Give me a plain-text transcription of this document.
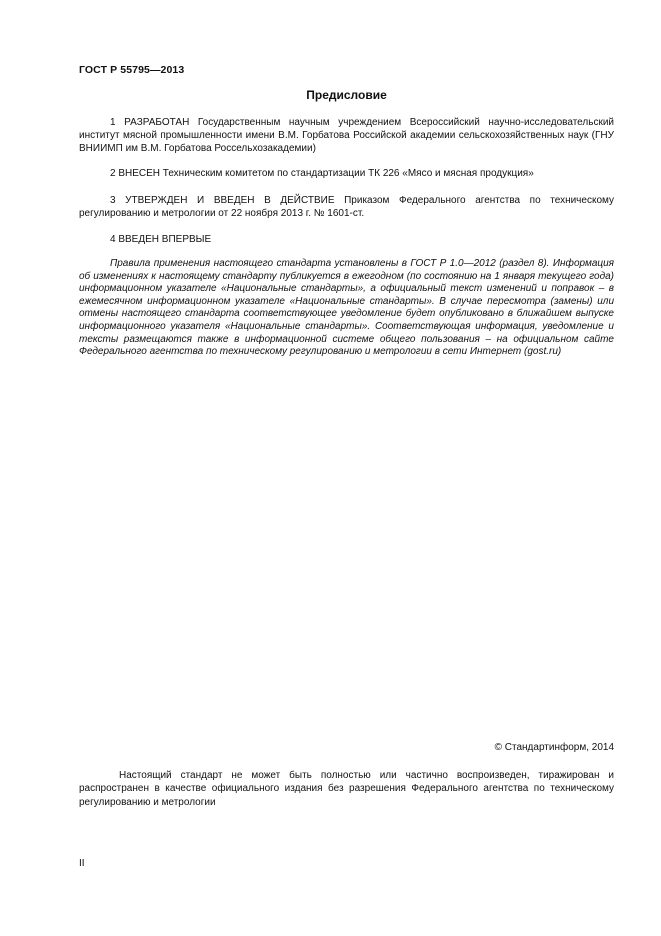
ГОСТ Р 55795—2013
Предисловие

1 РАЗРАБОТАН Государственным научным учреждением Всероссийский научно-исследовательский институт мясной промышленности имени В.М. Горбатова Российской академии сельскохозяйственных наук (ГНУ ВНИИМП им В.М. Горбатова Россельхозакадемии)

2 ВНЕСЕН Техническим комитетом по стандартизации ТК 226 «Мясо и мясная продукция»

3 УТВЕРЖДЕН И ВВЕДЕН В ДЕЙСТВИЕ Приказом Федерального агентства по техническому регулированию и метрологии от 22 ноября 2013 г. № 1601-ст.

4 ВВЕДЕН ВПЕРВЫЕ

Правила применения настоящего стандарта установлены в ГОСТ Р 1.0—2012 (раздел 8). Информация об изменениях к настоящему стандарту публикуется в ежегодном (по состоянию на 1 января текущего года) информационном указателе «Национальные стандарты», а официальный текст изменений и поправок – в ежемесячном информационном указателе «Национальные стандарты». В случае пересмотра (замены) или отмены настоящего стандарта соответствующее уведомление будет опубликовано в ближайшем выпуске информационного указателя «Национальные стандарты». Соответствующая информация, уведомление и тексты размещаются также в информационной системе общего пользования – на официальном сайте Федерального агентства по техническому регулированию и метрологии в сети Интернет (gost.ru)

© Стандартинформ, 2014

Настоящий стандарт не может быть полностью или частично воспроизведен, тиражирован и распространен в качестве официального издания без разрешения Федерального агентства по техническому регулированию и метрологии

II
